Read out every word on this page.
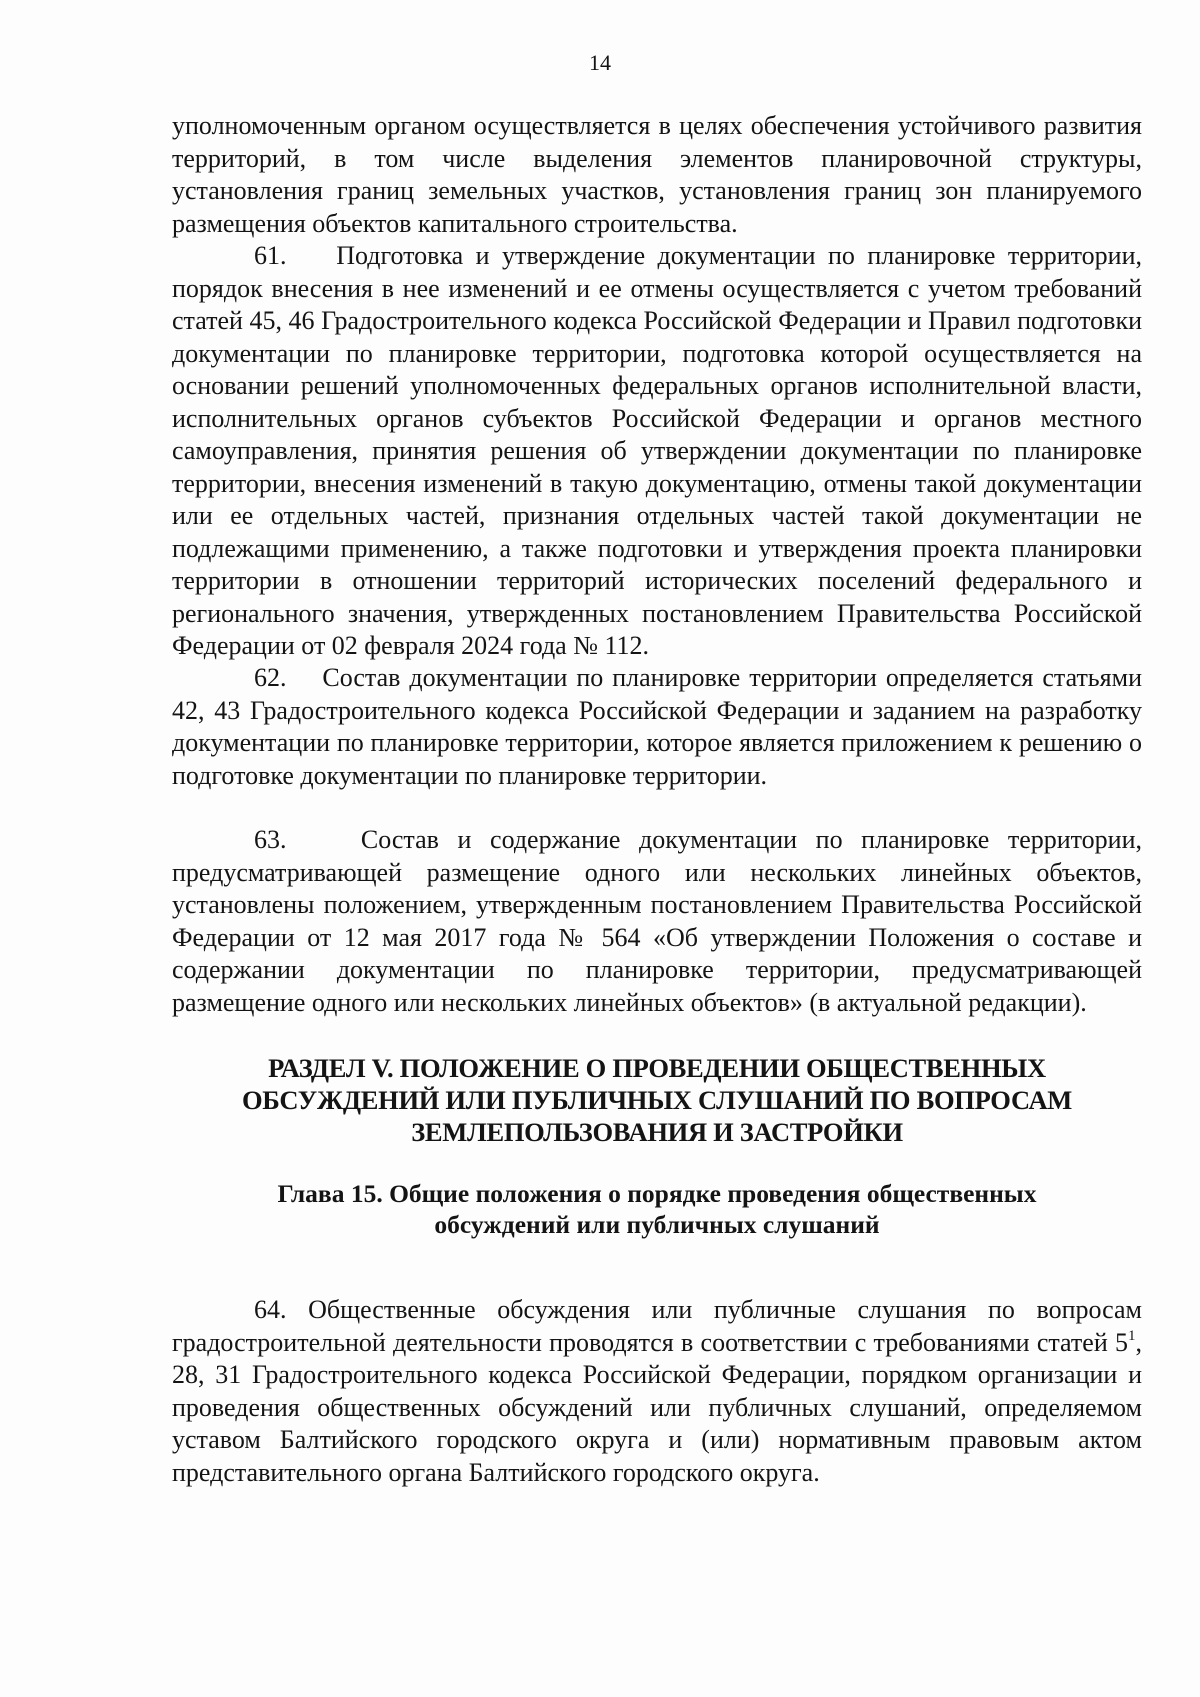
14

уполномоченным органом осуществляется в целях обеспечения устойчивого развития территорий, в том числе выделения элементов планировочной структуры, установления границ земельных участков, установления границ зон планируемого размещения объектов капитального строительства.

61. Подготовка и утверждение документации по планировке территории, порядок внесения в нее изменений и ее отмены осуществляется с учетом требований статей 45, 46 Градостроительного кодекса Российской Федерации и Правил подготовки документации по планировке территории, подготовка которой осуществляется на основании решений уполномоченных федеральных органов исполнительной власти, исполнительных органов субъектов Российской Федерации и органов местного самоуправления, принятия решения об утверждении документации по планировке территории, внесения изменений в такую документацию, отмены такой документации или ее отдельных частей, признания отдельных частей такой документации не подлежащими применению, а также подготовки и утверждения проекта планировки территории в отношении территорий исторических поселений федерального и регионального значения, утвержденных постановлением Правительства Российской Федерации от 02 февраля 2024 года № 112.

62. Состав документации по планировке территории определяется статьями 42, 43 Градостроительного кодекса Российской Федерации и заданием на разработку документации по планировке территории, которое является приложением к решению о подготовке документации по планировке территории.

63.	Состав и содержание документации по планировке территории, предусматривающей размещение одного или нескольких линейных объектов, установлены положением, утвержденным постановлением Правительства Российской Федерации от 12 мая 2017 года № 564 «Об утверждении Положения о составе и содержании документации по планировке территории, предусматривающей размещение одного или нескольких линейных объектов» (в актуальной редакции).

РАЗДЕЛ V. ПОЛОЖЕНИЕ О ПРОВЕДЕНИИ ОБЩЕСТВЕННЫХ
ОБСУЖДЕНИЙ ИЛИ ПУБЛИЧНЫХ СЛУШАНИЙ ПО ВОПРОСАМ
ЗЕМЛЕПОЛЬЗОВАНИЯ И ЗАСТРОЙКИ
Глава 15. Общие положения о порядке проведения общественных
обсуждений или публичных слушаний

64. Общественные обсуждения или публичные слушания по вопросам градостроительной деятельности проводятся в соответствии с требованиями статей $5^1$, 28, 31 Градостроительного кодекса Российской Федерации, порядком организации и проведения общественных обсуждений или публичных слушаний, определяемом уставом Балтийского городского округа и (или) нормативным правовым актом представительного органа Балтийского городского округа.
